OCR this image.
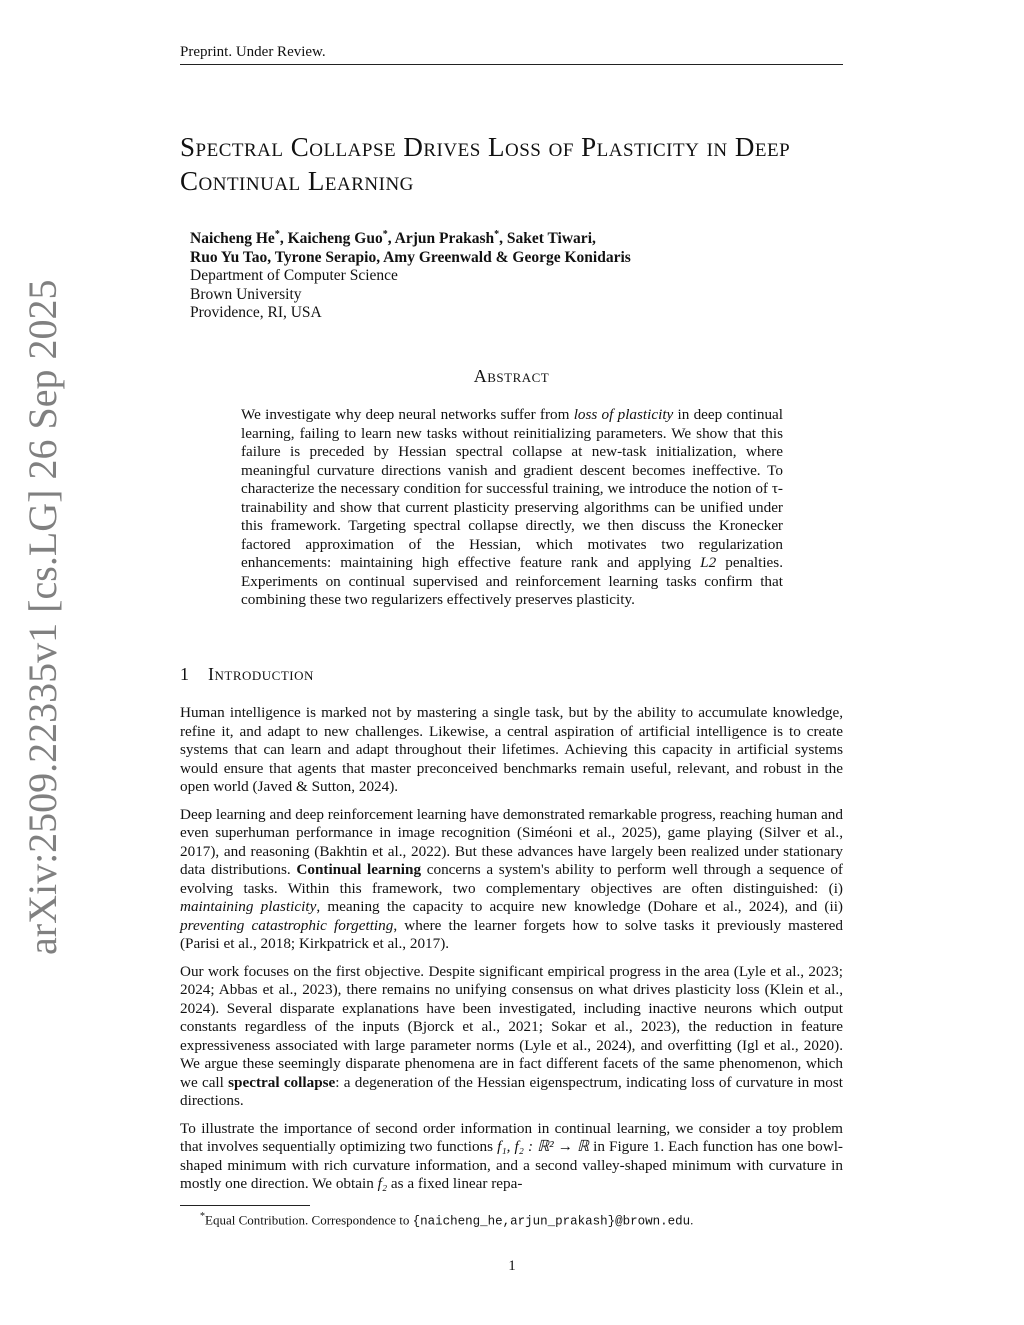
Preprint. Under Review.
arXiv:2509.22335v1 [cs.LG] 26 Sep 2025
Spectral Collapse Drives Loss of Plasticity in Deep
Continual Learning
Naicheng He*, Kaicheng Guo*, Arjun Prakash*, Saket Tiwari,
Ruo Yu Tao, Tyrone Serapio, Amy Greenwald & George Konidaris
Department of Computer Science
Brown University
Providence, RI, USA
Abstract
We investigate why deep neural networks suffer from loss of plasticity in deep continual learning, failing to learn new tasks without reinitializing parameters. We show that this failure is preceded by Hessian spectral collapse at new-task initialization, where meaningful curvature directions vanish and gradient descent becomes ineffective. To characterize the necessary condition for successful training, we introduce the notion of τ-trainability and show that current plasticity preserving algorithms can be unified under this framework. Targeting spectral collapse directly, we then discuss the Kronecker factored approximation of the Hessian, which motivates two regularization enhancements: maintaining high effective feature rank and applying L2 penalties. Experiments on continual supervised and reinforcement learning tasks confirm that combining these two regularizers effectively preserves plasticity.
1 Introduction

Human intelligence is marked not by mastering a single task, but by the ability to accumulate knowledge, refine it, and adapt to new challenges. Likewise, a central aspiration of artificial intelligence is to create systems that can learn and adapt throughout their lifetimes. Achieving this capacity in artificial systems would ensure that agents that master preconceived benchmarks remain useful, relevant, and robust in the open world (Javed & Sutton, 2024).

Deep learning and deep reinforcement learning have demonstrated remarkable progress, reaching human and even superhuman performance in image recognition (Siméoni et al., 2025), game playing (Silver et al., 2017), and reasoning (Bakhtin et al., 2022). But these advances have largely been realized under stationary data distributions. Continual learning concerns a system's ability to perform well through a sequence of evolving tasks. Within this framework, two complementary objectives are often distinguished: (i) maintaining plasticity, meaning the capacity to acquire new knowledge (Dohare et al., 2024), and (ii) preventing catastrophic forgetting, where the learner forgets how to solve tasks it previously mastered (Parisi et al., 2018; Kirkpatrick et al., 2017).

Our work focuses on the first objective. Despite significant empirical progress in the area (Lyle et al., 2023; 2024; Abbas et al., 2023), there remains no unifying consensus on what drives plasticity loss (Klein et al., 2024). Several disparate explanations have been investigated, including inactive neurons which output constants regardless of the inputs (Bjorck et al., 2021; Sokar et al., 2023), the reduction in feature expressiveness associated with large parameter norms (Lyle et al., 2024), and overfitting (Igl et al., 2020). We argue these seemingly disparate phenomena are in fact different facets of the same phenomenon, which we call spectral collapse: a degeneration of the Hessian eigenspectrum, indicating loss of curvature in most directions.

To illustrate the importance of second order information in continual learning, we consider a toy problem that involves sequentially optimizing two functions f₁, f₂ : ℝ² → ℝ in Figure 1. Each function has one bowl-shaped minimum with rich curvature information, and a second valley-shaped minimum with curvature in mostly one direction. We obtain f₂ as a fixed linear repa-

*Equal Contribution. Correspondence to {naicheng_he,arjun_prakash}@brown.edu.
1
